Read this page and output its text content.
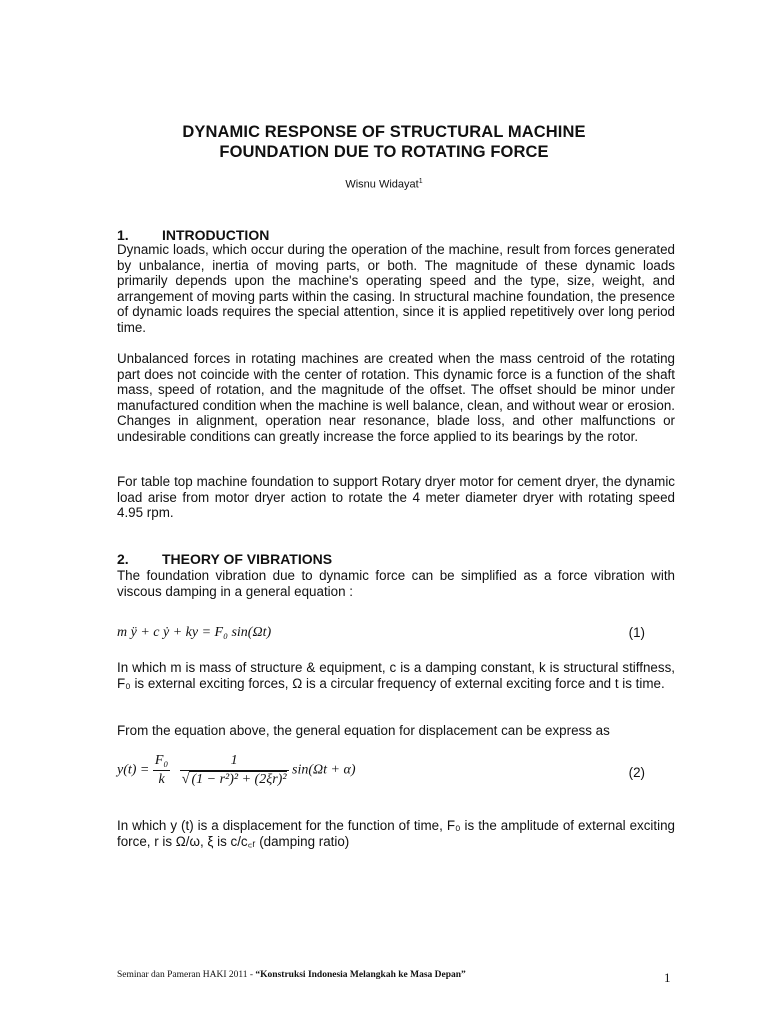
DYNAMIC RESPONSE OF STRUCTURAL MACHINE
FOUNDATION DUE TO ROTATING FORCE
Wisnu Widayat$^1$
1. INTRODUCTION
Dynamic loads, which occur during the operation of the machine, result from forces generated by unbalance, inertia of moving parts, or both. The magnitude of these dynamic loads primarily depends upon the machine's operating speed and the type, size, weight, and arrangement of moving parts within the casing. In structural machine foundation, the presence of dynamic loads requires the special attention, since it is applied repetitively over long period time.
Unbalanced forces in rotating machines are created when the mass centroid of the rotating part does not coincide with the center of rotation. This dynamic force is a function of the shaft mass, speed of rotation, and the magnitude of the offset. The offset should be minor under manufactured condition when the machine is well balance, clean, and without wear or erosion. Changes in alignment, operation near resonance, blade loss, and other malfunctions or undesirable conditions can greatly increase the force applied to its bearings by the rotor.
For table top machine foundation to support Rotary dryer motor for cement dryer, the dynamic load arise from motor dryer action to rotate the 4 meter diameter dryer with rotating speed 4.95 rpm.
2. THEORY OF VIBRATIONS
The foundation vibration due to dynamic force can be simplified as a force vibration with viscous damping in a general equation :
m ÿ + c ẏ + ky = F₀ sin(Ωt)	(1)
In which m is mass of structure & equipment, c is a damping constant, k is structural stiffness, F₀ is external exciting forces, Ω is a circular frequency of external exciting force and t is time.
From the equation above, the general equation for displacement can be express as
$y(t) = \frac{\text{F₀}}{k}$
$\frac{1}{\text{√ (1 − r²)² + (2ξr)²}} \sin(\Omega t + \alpha)$	(2)
In which y (t) is a displacement for the function of time, F₀ is the amplitude of external exciting force, r is Ω/ω, ξ is c/c꜀ᵣ (damping ratio)
Seminar dan Pameran HAKI 2011 - “Konstruksi Indonesia Melangkah ke Masa Depan”	1
